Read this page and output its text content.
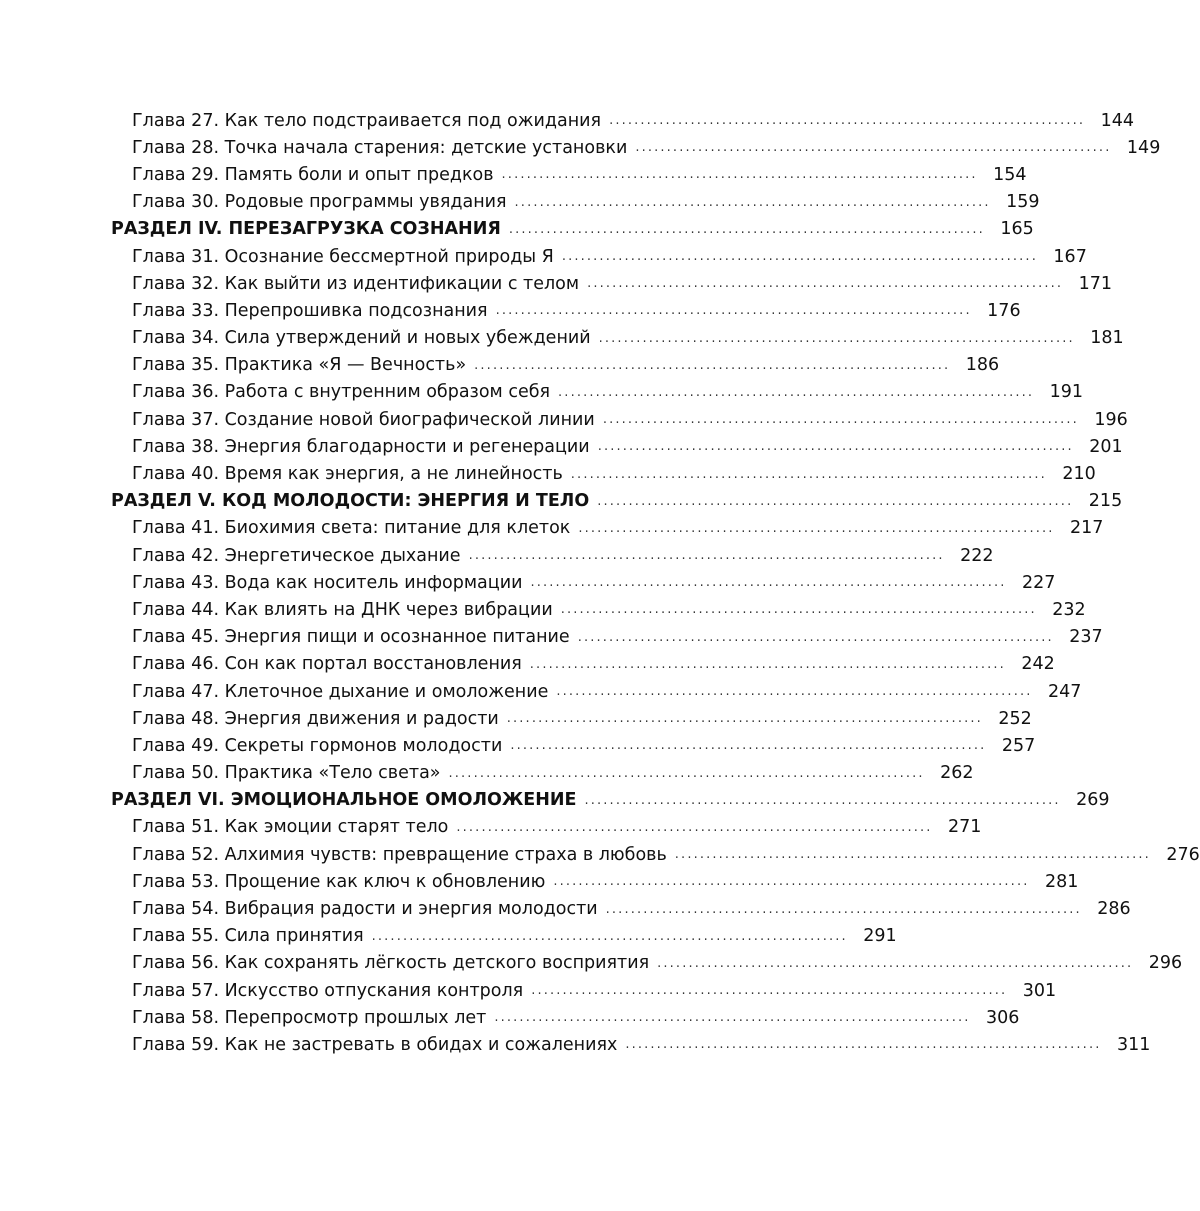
Глава 27. Как тело подстраивается под ожидания . . .	144
Глава 28. Точка начала старения: детские установки . . .	149
Глава 29. Память боли и опыт предков . . .	154
Глава 30. Родовые программы увядания . . .	159
РАЗДЕЛ IV. ПЕРЕЗАГРУЗКА СОЗНАНИЯ . . .	165
Глава 31. Осознание бессмертной природы Я . . .	167
Глава 32. Как выйти из идентификации с телом . . .	171
Глава 33. Перепрошивка подсознания . . .	176
Глава 34. Сила утверждений и новых убеждений . . .	181
Глава 35. Практика «Я — Вечность» . . .	186
Глава 36. Работа с внутренним образом себя . . .	191
Глава 37. Создание новой биографической линии . . .	196
Глава 38. Энергия благодарности и регенерации . . .	201
Глава 40. Время как энергия, а не линейность . . .	210
РАЗДЕЛ V. КОД МОЛОДОСТИ: ЭНЕРГИЯ И ТЕЛО . . .	215
Глава 41. Биохимия света: питание для клеток . . .	217
Глава 42. Энергетическое дыхание . . .	222
Глава 43. Вода как носитель информации . . .	227
Глава 44. Как влиять на ДНК через вибрации . . .	232
Глава 45. Энергия пищи и осознанное питание . . .	237
Глава 46. Сон как портал восстановления . . .	242
Глава 47. Клеточное дыхание и омоложение . . .	247
Глава 48. Энергия движения и радости . . .	252
Глава 49. Секреты гормонов молодости . . .	257
Глава 50. Практика «Тело света» . . .	262
РАЗДЕЛ VI. ЭМОЦИОНАЛЬНОЕ ОМОЛОЖЕНИЕ . . .	269
Глава 51. Как эмоции старят тело . . .	271
Глава 52. Алхимия чувств: превращение страха в любовь . . .	276
Глава 53. Прощение как ключ к обновлению . . .	281
Глава 54. Вибрация радости и энергия молодости . . .	286
Глава 55. Сила принятия . . .	291
Глава 56. Как сохранять лёгкость детского восприятия . . .	296
Глава 57. Искусство отпускания контроля . . .	301
Глава 58. Перепросмотр прошлых лет . . .	306
Глава 59. Как не застревать в обидах и сожалениях . . .	311
